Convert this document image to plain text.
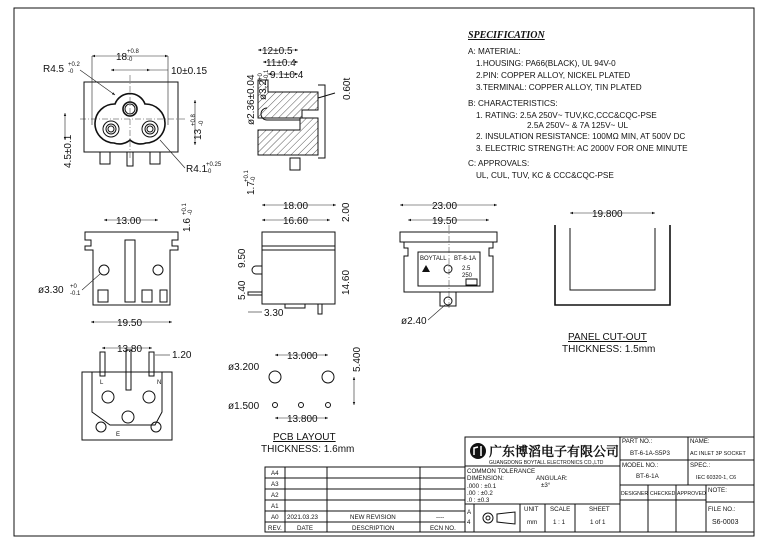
18 +0.8
-0
10±0.15
R4.5 +0.2
-0
13
+0.8 -0
4.5±0.1
R4.1
+0.25
-0
12±0.5
11±0.4
9.1±0.4
0.60t
ø2.36±0.04 ø3.2
+0 -0.1
1.7
+0.1 -0
13.00	1.6
+0.1 -0
ø3.30 +0
-0.1
19.50
18.00
16.60	2.00
14.60
9.50
5.40
3.30
BOYTALL BT-6-1A
2.5
250
23.00
19.50
ø2.40
19.800
PANEL CUT-OUT
THICKNESS: 1.5mm
L	N
E
13.80
1.20	13.000
13.800
5.400
ø3.200
ø1.500
PCB LAYOUT
THICKNESS: 1.6mm
SPECIFICATION
A: MATERIAL:
1.HOUSING: PA66(BLACK), UL 94V-0
2.PIN: COPPER ALLOY, NICKEL PLATED
3.TERMINAL: COPPER ALLOY, TIN PLATED
B: CHARACTERISTICS:
1. RATING: 2.5A 250V~ TUV,KC,CCC&CQC-PSE
2.5A 250V~ & 7A 125V~ UL
2. INSULATION RESISTANCE: 100MΩ MIN, AT 500V DC
3. ELECTRIC STRENGTH: AC 2000V FOR ONE MINUTE
C: APPROVALS:
UL, CUL, TUV, KC & CCC&CQC-PSE
A4
A3
A2
A1
A0 2021.03.23	NEW REVISION	----
REV. DATE	DESCRIPTION	ECN NO.
广东博滔电子有限公司
GUANGDONG BOYTALL ELECTRONICS CO.,LTD
PART NO.:
BT-6-1A-S5P3
NAME:
AC INLET 3P SOCKET
MODEL NO.:
BT-6-1A
SPEC.:
IEC 60320-1, C6
COMMON TOLERANCE
DIMENSION:	ANGULAR:
±3°
.000 : ±0.1
.00 : ±0.2
.0 : ±0.3
A
4
UNIT
mm
SCALE
1 : 1
SHEET
1 of 1
DESIGNER CHECKED APPROVED NOTE:
FILE NO.:
S6-0003
